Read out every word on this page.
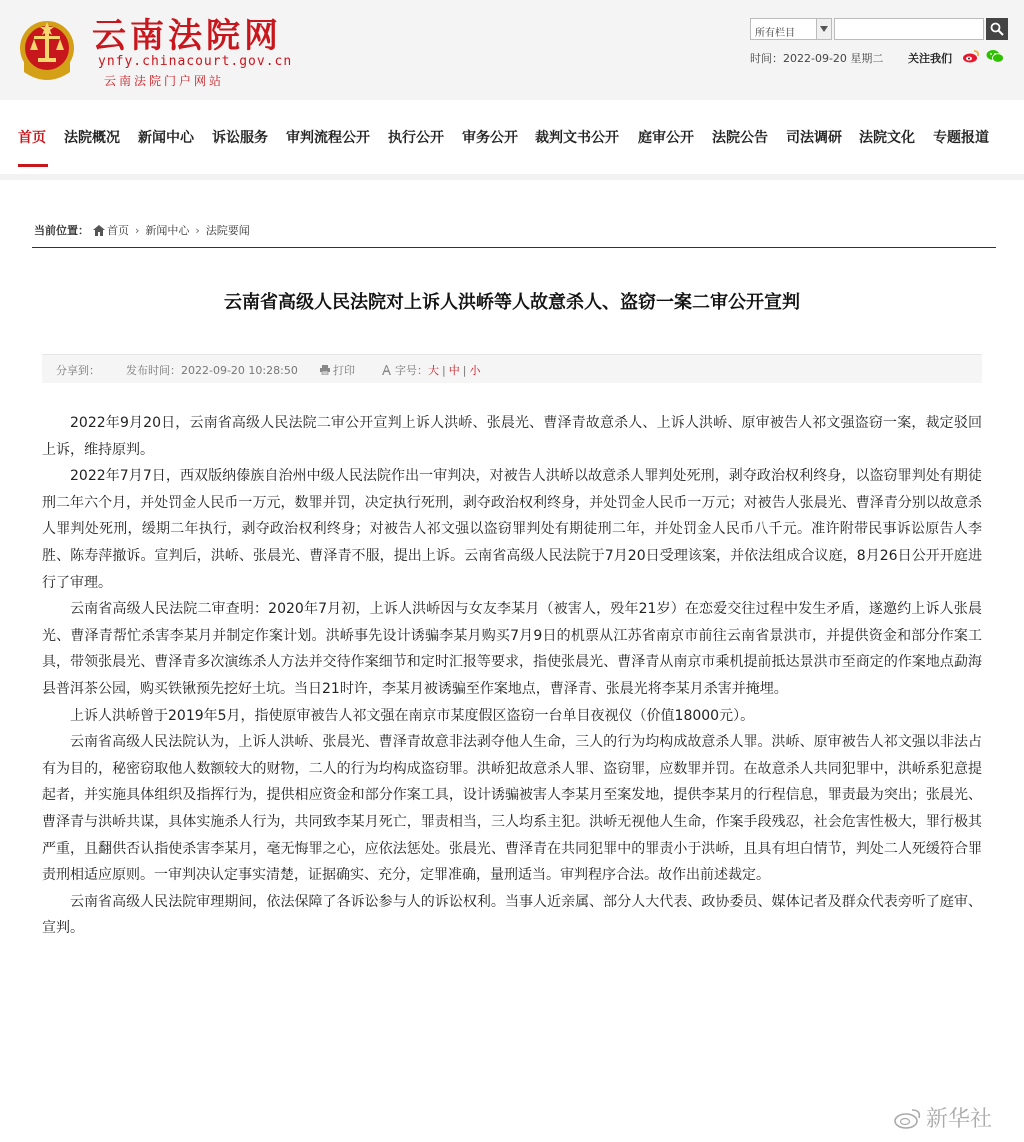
云南法院网
ynfy.chinacourt.gov.cn
云南法院门户网站
所有栏目
时间：2022-09-20 星期二 关注我们
首页 法院概况 新闻中心 诉讼服务 审判流程公开 执行公开 审务公开 裁判文书公开 庭审公开 法院公告 司法调研 法院文化 专题报道
当前位置： 首页 › 新闻中心 › 法院要闻
云南省高级人民法院对上诉人洪峤等人故意杀人、盗窃一案二审公开宣判
分享到： 发布时间：2022-09-20 10:28:50	打印	字号：大 | 中 | 小

2022年9月20日，云南省高级人民法院二审公开宣判上诉人洪峤、张晨光、曹泽青故意杀人、上诉人洪峤、原审被告人祁文强盗窃一案，裁定驳回上诉，维持原判。

2022年7月7日，西双版纳傣族自治州中级人民法院作出一审判决，对被告人洪峤以故意杀人罪判处死刑，剥夺政治权利终身，以盗窃罪判处有期徒刑二年六个月，并处罚金人民币一万元，数罪并罚，决定执行死刑，剥夺政治权利终身，并处罚金人民币一万元；对被告人张晨光、曹泽青分别以故意杀人罪判处死刑，缓期二年执行，剥夺政治权利终身；对被告人祁文强以盗窃罪判处有期徒刑二年，并处罚金人民币八千元。准许附带民事诉讼原告人李胜、陈寿萍撤诉。宣判后，洪峤、张晨光、曹泽青不服，提出上诉。云南省高级人民法院于7月20日受理该案，并依法组成合议庭，8月26日公开开庭进行了审理。

云南省高级人民法院二审查明：2020年7月初，上诉人洪峤因与女友李某月（被害人，殁年21岁）在恋爱交往过程中发生矛盾，遂邀约上诉人张晨光、曹泽青帮忙杀害李某月并制定作案计划。洪峤事先设计诱骗李某月购买7月9日的机票从江苏省南京市前往云南省景洪市，并提供资金和部分作案工具，带领张晨光、曹泽青多次演练杀人方法并交待作案细节和定时汇报等要求，指使张晨光、曹泽青从南京市乘机提前抵达景洪市至商定的作案地点勐海县普洱茶公园，购买铁锹预先挖好土坑。当日21时许，李某月被诱骗至作案地点，曹泽青、张晨光将李某月杀害并掩埋。

上诉人洪峤曾于2019年5月，指使原审被告人祁文强在南京市某度假区盗窃一台单目夜视仪（价值18000元）。

云南省高级人民法院认为，上诉人洪峤、张晨光、曹泽青故意非法剥夺他人生命，三人的行为均构成故意杀人罪。洪峤、原审被告人祁文强以非法占有为目的，秘密窃取他人数额较大的财物，二人的行为均构成盗窃罪。洪峤犯故意杀人罪、盗窃罪，应数罪并罚。在故意杀人共同犯罪中，洪峤系犯意提起者，并实施具体组织及指挥行为，提供相应资金和部分作案工具，设计诱骗被害人李某月至案发地，提供李某月的行程信息，罪责最为突出；张晨光、曹泽青与洪峤共谋，具体实施杀人行为，共同致李某月死亡，罪责相当，三人均系主犯。洪峤无视他人生命，作案手段残忍，社会危害性极大，罪行极其严重，且翻供否认指使杀害李某月，毫无悔罪之心，应依法惩处。张晨光、曹泽青在共同犯罪中的罪责小于洪峤，且具有坦白情节，判处二人死缓符合罪责刑相适应原则。一审判决认定事实清楚，证据确实、充分，定罪准确，量刑适当。审判程序合法。故作出前述裁定。

云南省高级人民法院审理期间，依法保障了各诉讼参与人的诉讼权利。当事人近亲属、部分人大代表、政协委员、媒体记者及群众代表旁听了庭审、宣判。

新华社
